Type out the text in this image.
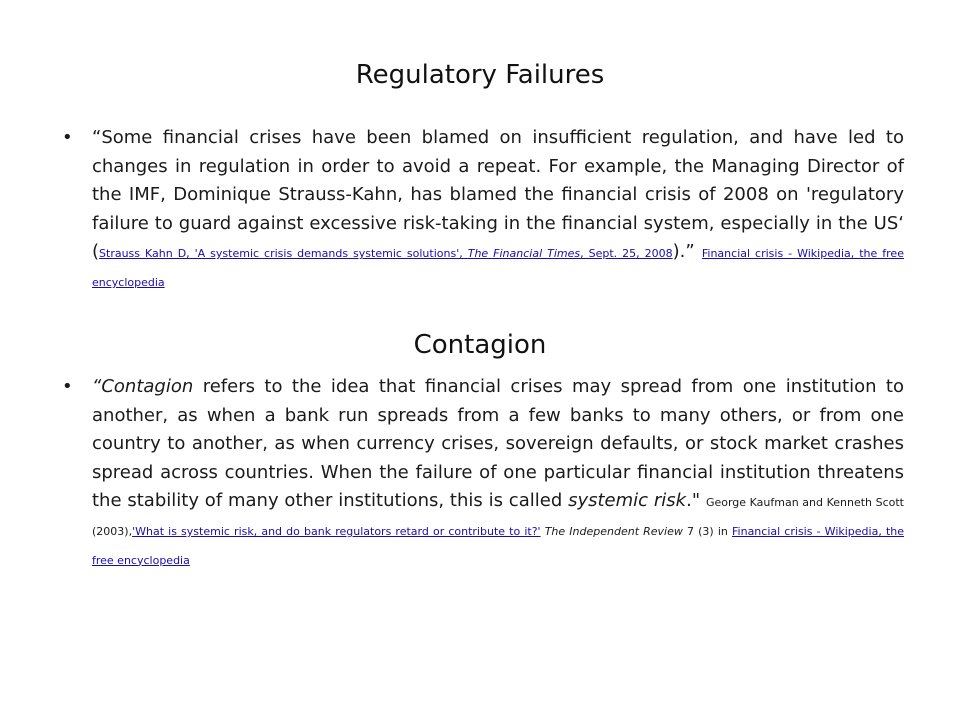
Regulatory Failures
• “Some financial crises have been blamed on insufficient regulation, and have led to changes in regulation in order to avoid a repeat. For example, the Managing Director of the IMF, Dominique Strauss-Kahn, has blamed the financial crisis of 2008 on 'regulatory failure to guard against excessive risk-taking in the financial system, especially in the US‘ (Strauss Kahn D, 'A systemic crisis demands systemic solutions', The Financial Times, Sept. 25, 2008).” Financial crisis - Wikipedia, the free encyclopedia
Contagion
• “Contagion refers to the idea that financial crises may spread from one institution to another, as when a bank run spreads from a few banks to many others, or from one country to another, as when currency crises, sovereign defaults, or stock market crashes spread across countries. When the failure of one particular financial institution threatens the stability of many other institutions, this is called systemic risk." George Kaufman and Kenneth Scott (2003),'What is systemic risk, and do bank regulators retard or contribute to it?' The Independent Review 7 (3) in Financial crisis - Wikipedia, the free encyclopedia
